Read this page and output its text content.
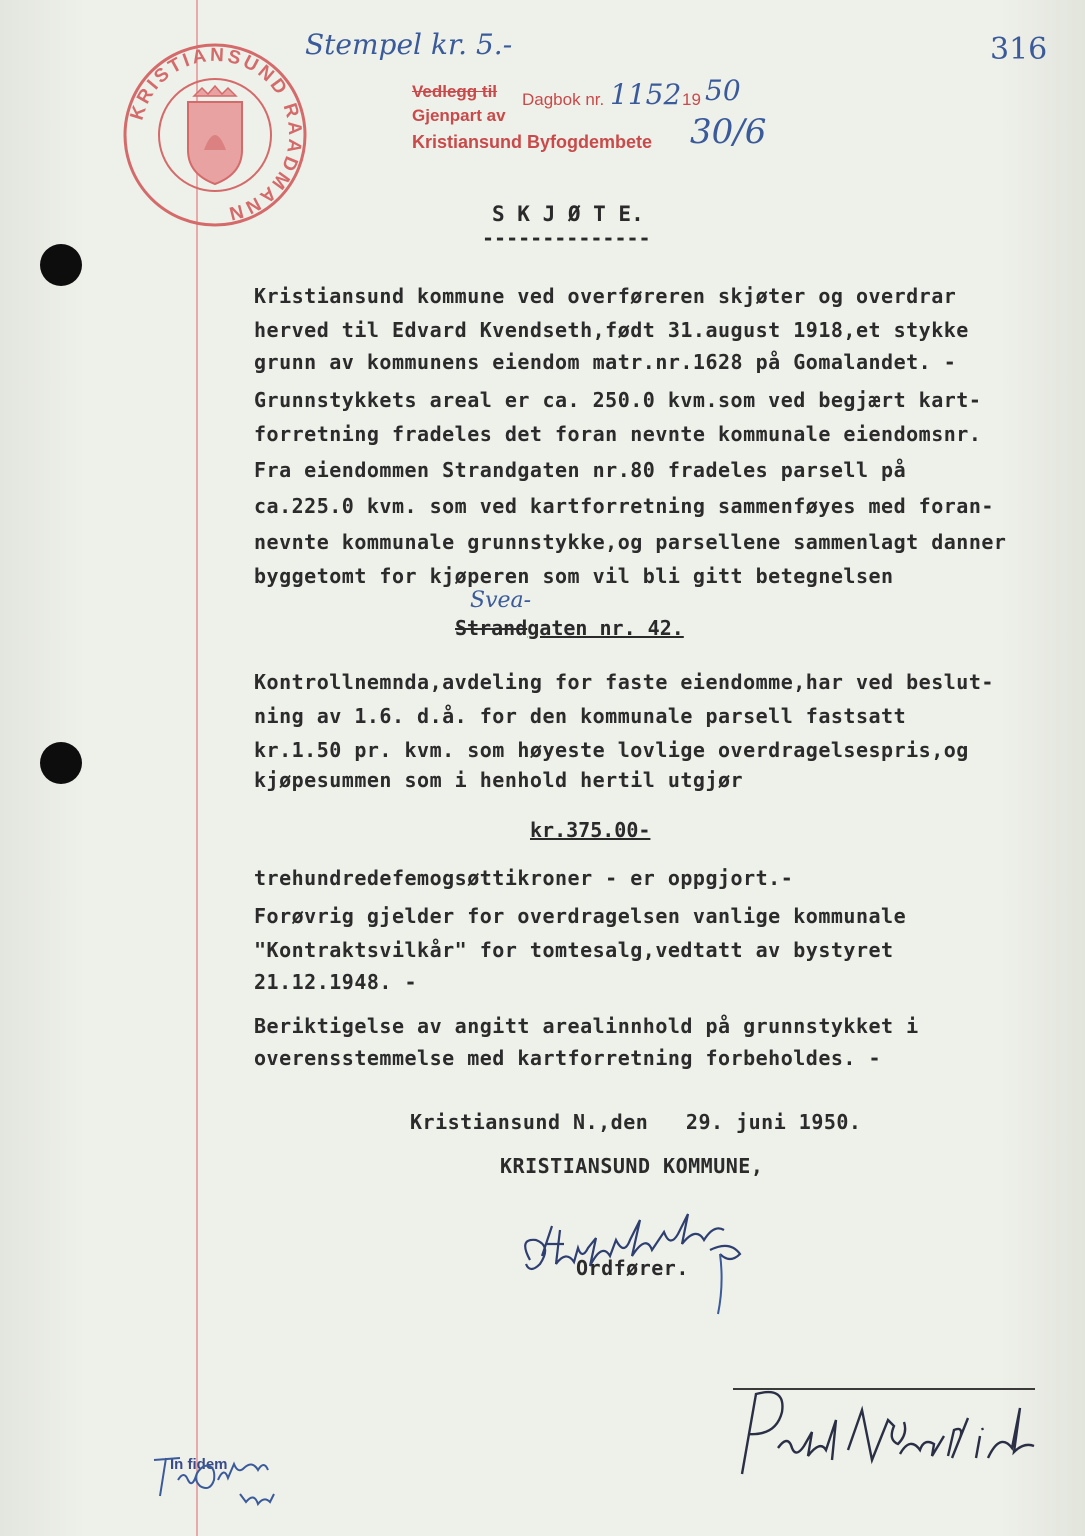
KRISTIANSUND RAADMANN
Stempel kr. 5.-	316
Vedlegg til Dagbok nr. 1152 19 50
Gjenpart av
Kristiansund Byfogdembete 30/6
S K J Ø T E.
--------------
Kristiansund kommune ved overføreren skjøter og overdrar
herved til Edvard Kvendseth,født 31.august 1918,et stykke
grunn av kommunens eiendom matr.nr.1628 på Gomalandet. -
Grunnstykkets areal er ca. 250.0 kvm.som ved begjært kart-
forretning fradeles det foran nevnte kommunale eiendomsnr.
Fra eiendommen Strandgaten nr.80 fradeles parsell på
ca.225.0 kvm. som ved kartforretning sammenføyes med foran-
nevnte kommunale grunnstykke,og parsellene sammenlagt danner
byggetomt for kjøperen som vil bli gitt betegnelsen
Svea-
Strandgaten nr. 42.
Kontrollnemnda,avdeling for faste eiendomme,har ved beslut-
ning av 1.6. d.å. for den kommunale parsell fastsatt
kr.1.50 pr. kvm. som høyeste lovlige overdragelsespris,og
kjøpesummen som i henhold hertil utgjør
kr.375.00-
trehundredefemogsøttikroner - er oppgjort.-
Forøvrig gjelder for overdragelsen vanlige kommunale
"Kontraktsvilkår" for tomtesalg,vedtatt av bystyret
21.12.1948. -
Beriktigelse av angitt arealinnhold på grunnstykket i
overensstemmelse med kartforretning forbeholdes. -
Kristiansund N.,den   29. juni 1950.
KRISTIANSUND KOMMUNE,
Ordfører.
In fidem
